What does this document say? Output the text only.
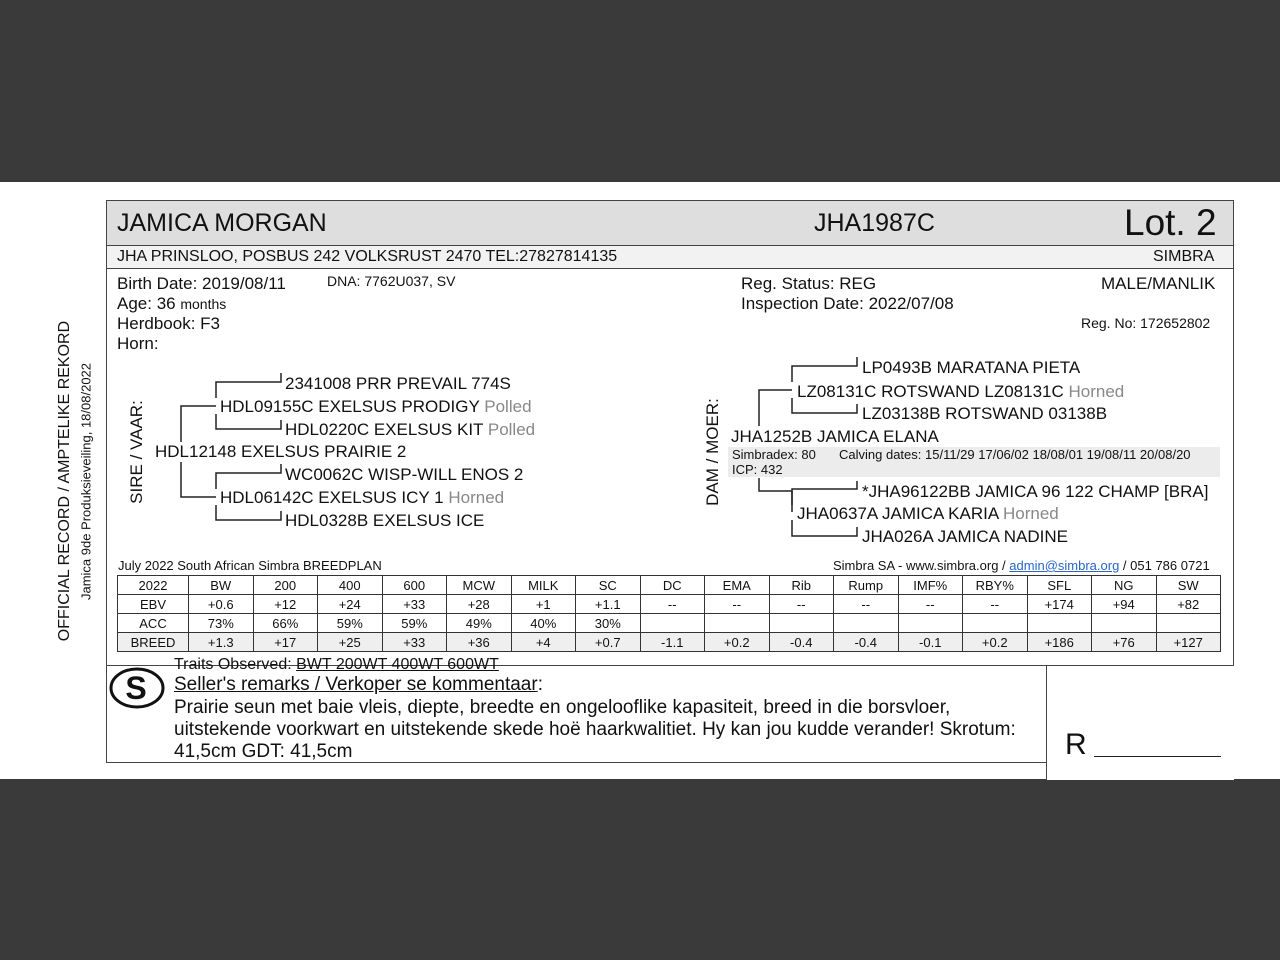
OFFICIAL RECORD / AMPTELIKE REKORD Jamica 9de Produksieveiling, 18/08/2022
JAMICA MORGAN	JHA1987C	Lot. 2
JHA PRINSLOO, POSBUS 242 VOLKSRUST 2470 TEL:27827814135	SIMBRA
Birth Date: 2019/08/11	DNA: 7762U037, SV
Age: 36 months
Herdbook: F3
Horn:
Reg. Status: REG
Inspection Date: 2022/07/08
MALE/MANLIK
Reg. No: 172652802
SIRE / VAAR: HDL12148 EXELSUS PRAIRIE 2
HDL09155C EXELSUS PRODIGY Polled
2341008 PRR PREVAIL 774S
HDL0220C EXELSUS KIT Polled
HDL06142C EXELSUS ICY 1 Horned
WC0062C WISP-WILL ENOS 2
HDL0328B EXELSUS ICE
DAM / MOER: JHA1252B JAMICA ELANA
LZ08131C ROTSWAND LZ08131C Horned
LP0493B MARATANA PIETA
LZ03138B ROTSWAND 03138B
Simbradex: 80 Calving dates: 15/11/29 17/06/02 18/08/01 19/08/11 20/08/20
ICP: 432
JHA0637A JAMICA KARIA Horned
*JHA96122BB JAMICA 96 122 CHAMP [BRA]
JHA026A JAMICA NADINE
July 2022 South African Simbra BREEDPLAN	Simbra SA - www.simbra.org / admin@simbra.org / 051 786 0721
2022	BW	200	400	600	MCW	MILK	SC	DC	EMA	Rib	Rump	IMF%	RBY%	SFL	NG	SW
EBV	+0.6	+12	+24	+33	+28	+1	+1.1	--	--	--	--	--	--	+174	+94	+82
ACC	73%	66%	59%	59%	49%	40%	30%									
BREED	+1.3	+17	+25	+33	+36	+4	+0.7	-1.1	+0.2	-0.4	-0.4	-0.1	+0.2	+186	+76	+127
S
Traits Observed: BWT 200WT 400WT 600WT
Seller's remarks / Verkoper se kommentaar:
Prairie seun met baie vleis, diepte, breedte en ongelooflike kapasiteit, breed in die borsvloer,
uitstekende voorkwart en uitstekende skede hoë haarkwalitiet. Hy kan jou kudde verander! Skrotum:
41,5cm GDT: 41,5cm	R
